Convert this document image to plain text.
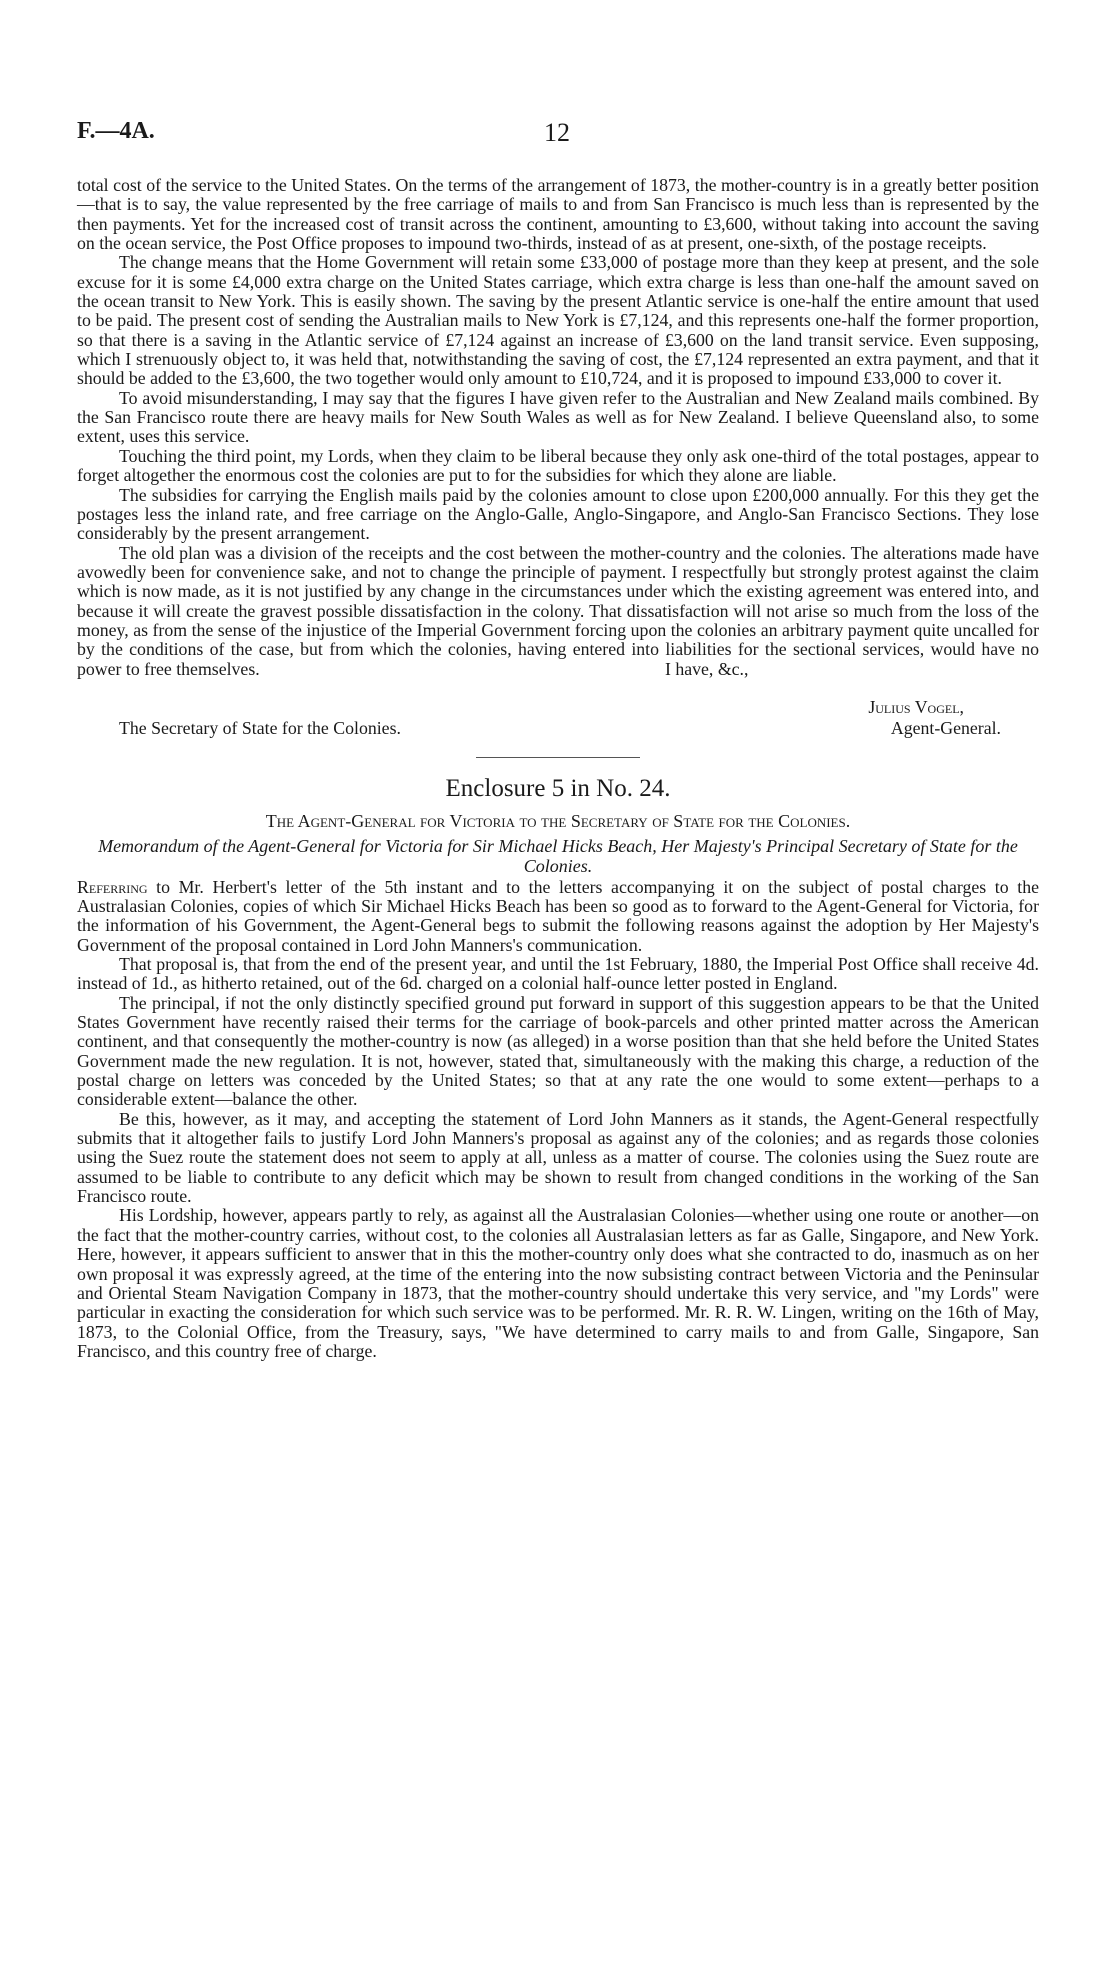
F.—4A.	12

total cost of the service to the United States. On the terms of the arrangement of 1873, the mother-country is in a greatly better position—that is to say, the value represented by the free carriage of mails to and from San Francisco is much less than is represented by the then payments. Yet for the increased cost of transit across the continent, amounting to £3,600, without taking into account the saving on the ocean service, the Post Office proposes to impound two-thirds, instead of as at present, one-sixth, of the postage receipts.

The change means that the Home Government will retain some £33,000 of postage more than they keep at present, and the sole excuse for it is some £4,000 extra charge on the United States carriage, which extra charge is less than one-half the amount saved on the ocean transit to New York. This is easily shown. The saving by the present Atlantic service is one-half the entire amount that used to be paid. The present cost of sending the Australian mails to New York is £7,124, and this represents one-half the former proportion, so that there is a saving in the Atlantic service of £7,124 against an increase of £3,600 on the land transit service. Even supposing, which I strenuously object to, it was held that, notwithstanding the saving of cost, the £7,124 represented an extra payment, and that it should be added to the £3,600, the two together would only amount to £10,724, and it is proposed to impound £33,000 to cover it.

To avoid misunderstanding, I may say that the figures I have given refer to the Australian and New Zealand mails combined. By the San Francisco route there are heavy mails for New South Wales as well as for New Zealand. I believe Queensland also, to some extent, uses this service.

Touching the third point, my Lords, when they claim to be liberal because they only ask one-third of the total postages, appear to forget altogether the enormous cost the colonies are put to for the subsidies for which they alone are liable.

The subsidies for carrying the English mails paid by the colonies amount to close upon £200,000 annually. For this they get the postages less the inland rate, and free carriage on the Anglo-Galle, Anglo-Singapore, and Anglo-San Francisco Sections. They lose considerably by the present arrangement.

The old plan was a division of the receipts and the cost between the mother-country and the colonies. The alterations made have avowedly been for convenience sake, and not to change the principle of payment. I respectfully but strongly protest against the claim which is now made, as it is not justified by any change in the circumstances under which the existing agreement was entered into, and because it will create the gravest possible dissatisfaction in the colony. That dissatisfaction will not arise so much from the loss of the money, as from the sense of the injustice of the Imperial Government forcing upon the colonies an arbitrary payment quite uncalled for by the conditions of the case, but from which the colonies, having entered into liabilities for the sectional services, would have no power to free themselves.	I have, &c.,
Julius Vogel,
The Secretary of State for the Colonies.	Agent-General.
Enclosure 5 in No. 24.
The Agent-General for Victoria to the Secretary of State for the Colonies.
Memorandum of the Agent-General for Victoria for Sir Michael Hicks Beach, Her Majesty's Principal Secretary of State for the Colonies.

Referring to Mr. Herbert's letter of the 5th instant and to the letters accompanying it on the subject of postal charges to the Australasian Colonies, copies of which Sir Michael Hicks Beach has been so good as to forward to the Agent-General for Victoria, for the information of his Government, the Agent-General begs to submit the following reasons against the adoption by Her Majesty's Government of the proposal contained in Lord John Manners's communication.

That proposal is, that from the end of the present year, and until the 1st February, 1880, the Imperial Post Office shall receive 4d. instead of 1d., as hitherto retained, out of the 6d. charged on a colonial half-ounce letter posted in England.

The principal, if not the only distinctly specified ground put forward in support of this suggestion appears to be that the United States Government have recently raised their terms for the carriage of book-parcels and other printed matter across the American continent, and that consequently the mother-country is now (as alleged) in a worse position than that she held before the United States Government made the new regulation. It is not, however, stated that, simultaneously with the making this charge, a reduction of the postal charge on letters was conceded by the United States; so that at any rate the one would to some extent—perhaps to a considerable extent—balance the other.

Be this, however, as it may, and accepting the statement of Lord John Manners as it stands, the Agent-General respectfully submits that it altogether fails to justify Lord John Manners's proposal as against any of the colonies; and as regards those colonies using the Suez route the statement does not seem to apply at all, unless as a matter of course. The colonies using the Suez route are assumed to be liable to contribute to any deficit which may be shown to result from changed conditions in the working of the San Francisco route.

His Lordship, however, appears partly to rely, as against all the Australasian Colonies—whether using one route or another—on the fact that the mother-country carries, without cost, to the colonies all Australasian letters as far as Galle, Singapore, and New York. Here, however, it appears sufficient to answer that in this the mother-country only does what she contracted to do, inasmuch as on her own proposal it was expressly agreed, at the time of the entering into the now subsisting contract between Victoria and the Peninsular and Oriental Steam Navigation Company in 1873, that the mother-country should undertake this very service, and "my Lords" were particular in exacting the consideration for which such service was to be performed. Mr. R. R. W. Lingen, writing on the 16th of May, 1873, to the Colonial Office, from the Treasury, says, "We have determined to carry mails to and from Galle, Singapore, San Francisco, and this country free of charge.
